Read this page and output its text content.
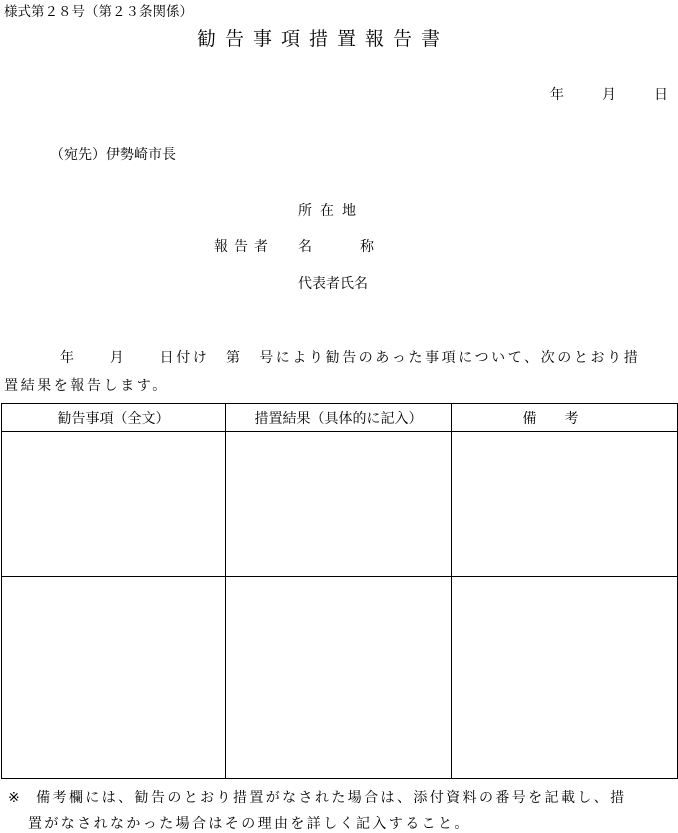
様式第２８号（第２３条関係）
勧告事項措置報告書
年	月	日
（宛先）伊勢崎市長
所在地
報告者 名	称
代表者氏名
年　　月　　日付け　第　号により勧告のあった事項について、次のとおり措
置結果を報告します。
勧告事項（全文）	措置結果（具体的に記入）	備考

※ 備考欄には、勧告のとおり措置がなされた場合は、添付資料の番号を記載し、措
置がなされなかった場合はその理由を詳しく記入すること。
